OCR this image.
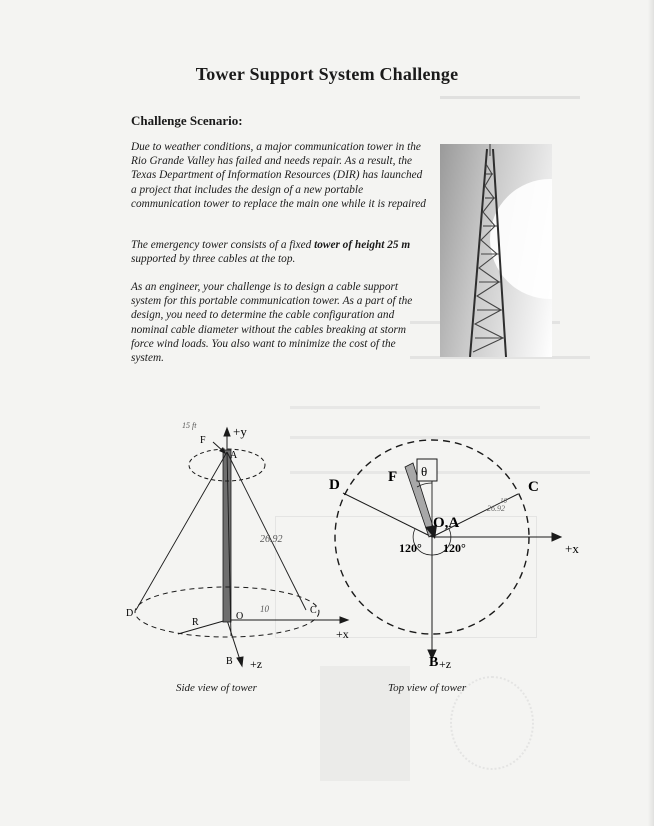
Tower Support System Challenge
Challenge Scenario:
Due to weather conditions, a major communication tower in the Rio Grande Valley has failed and needs repair. As a result, the Texas Department of Information Resources (DIR) has launched a project that includes the design of a new portable communication tower to replace the main one while it is repaired
The emergency tower consists of a fixed tower of height 25 m supported by three cables at the top.
As an engineer, your challenge is to design a cable support system for this portable communication tower. As a part of the design, you need to determine the cable configuration and nominal cable diameter without the cables breaking at storm force wind loads. You also want to minimize the cost of the system.
+y
F
A
D	C
R
O
+x
B +z
15 ft
26.92
10
D	C
F θ
O,A
120° 120°	+x
B +z
26.92
10
Side view of tower	Top view of tower
